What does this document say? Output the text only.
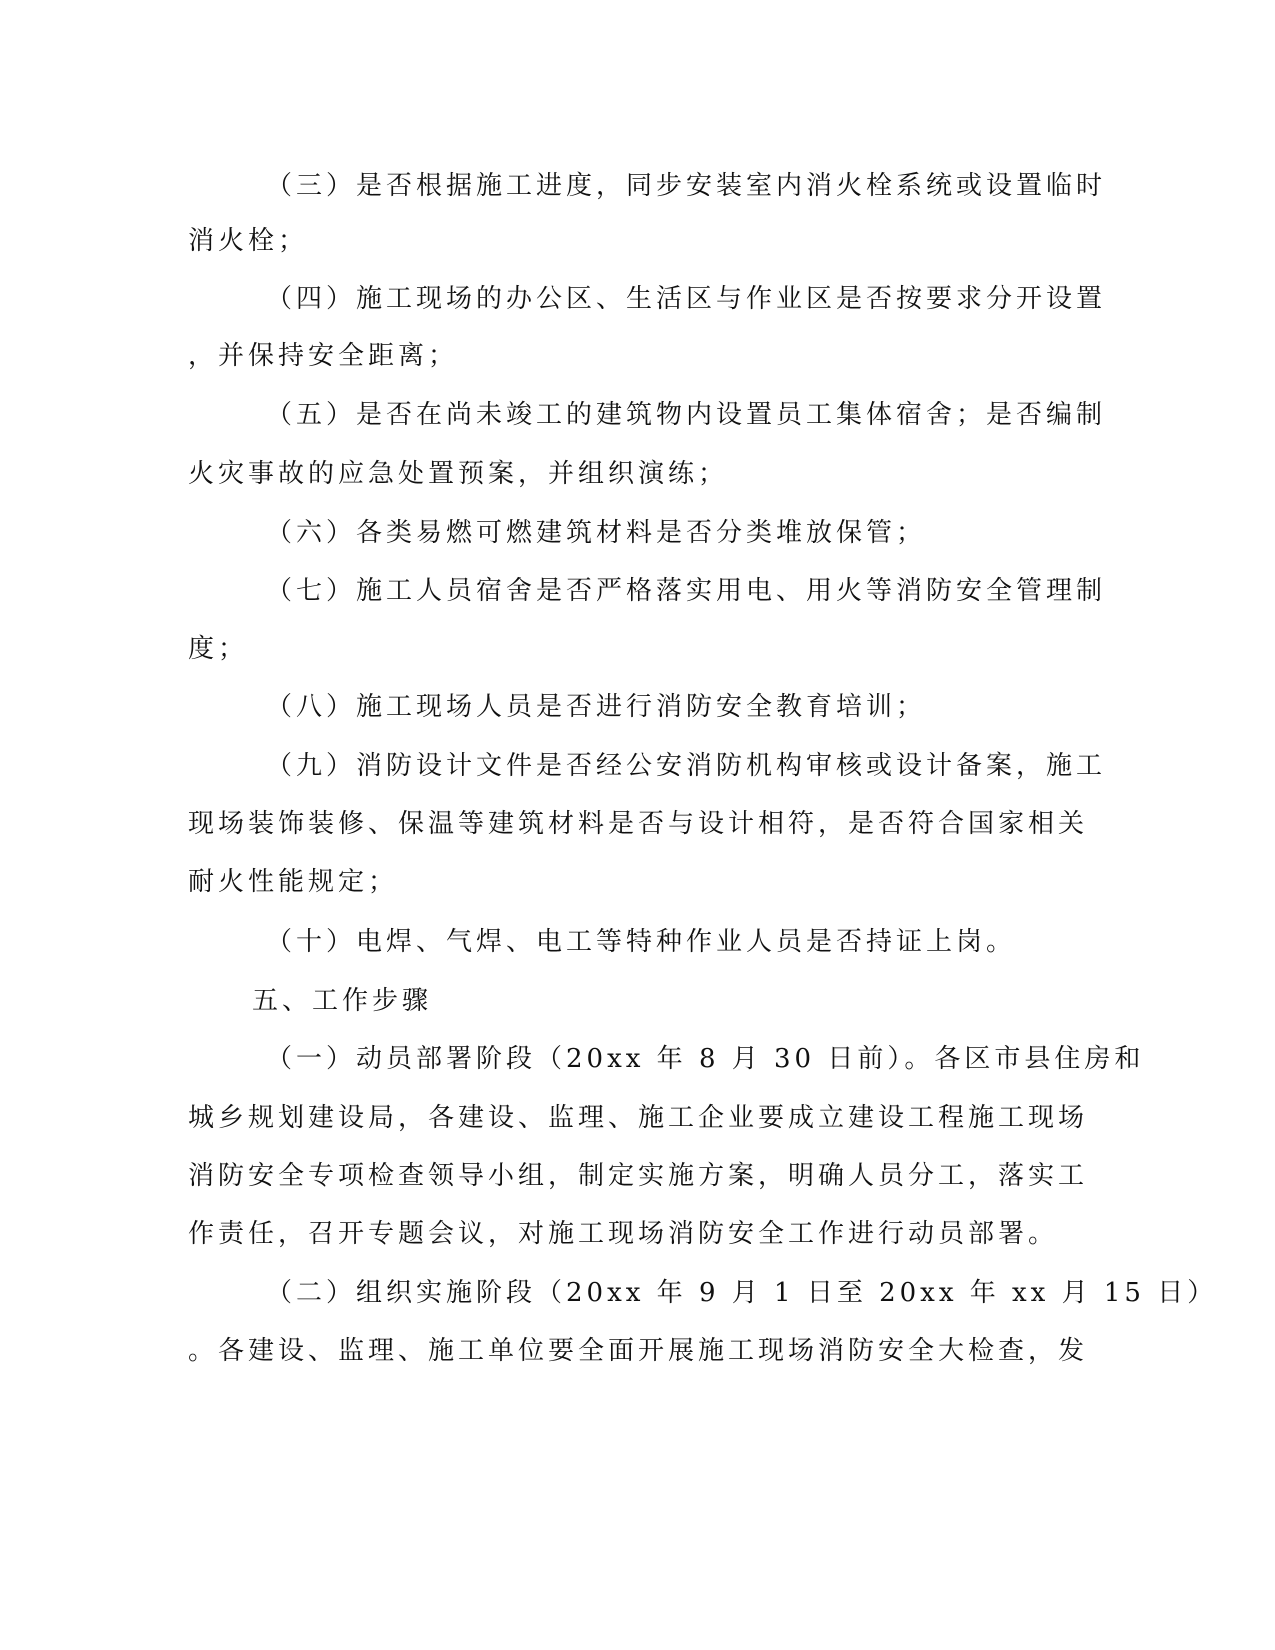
（三）是否根据施工进度，同步安装室内消火栓系统或设置临时
消火栓；
（四）施工现场的办公区、生活区与作业区是否按要求分开设置
，并保持安全距离；
（五）是否在尚未竣工的建筑物内设置员工集体宿舍；是否编制
火灾事故的应急处置预案，并组织演练；
（六）各类易燃可燃建筑材料是否分类堆放保管；
（七）施工人员宿舍是否严格落实用电、用火等消防安全管理制
度；
（八）施工现场人员是否进行消防安全教育培训；
（九）消防设计文件是否经公安消防机构审核或设计备案，施工
现场装饰装修、保温等建筑材料是否与设计相符，是否符合国家相关
耐火性能规定；
（十）电焊、气焊、电工等特种作业人员是否持证上岗。
五、工作步骤
（一）动员部署阶段（20xx 年 8 月 30 日前）。各区市县住房和
城乡规划建设局，各建设、监理、施工企业要成立建设工程施工现场
消防安全专项检查领导小组，制定实施方案，明确人员分工，落实工
作责任，召开专题会议，对施工现场消防安全工作进行动员部署。
（二）组织实施阶段（20xx 年 9 月 1 日至 20xx 年 xx 月 15 日）
。各建设、监理、施工单位要全面开展施工现场消防安全大检查，发
